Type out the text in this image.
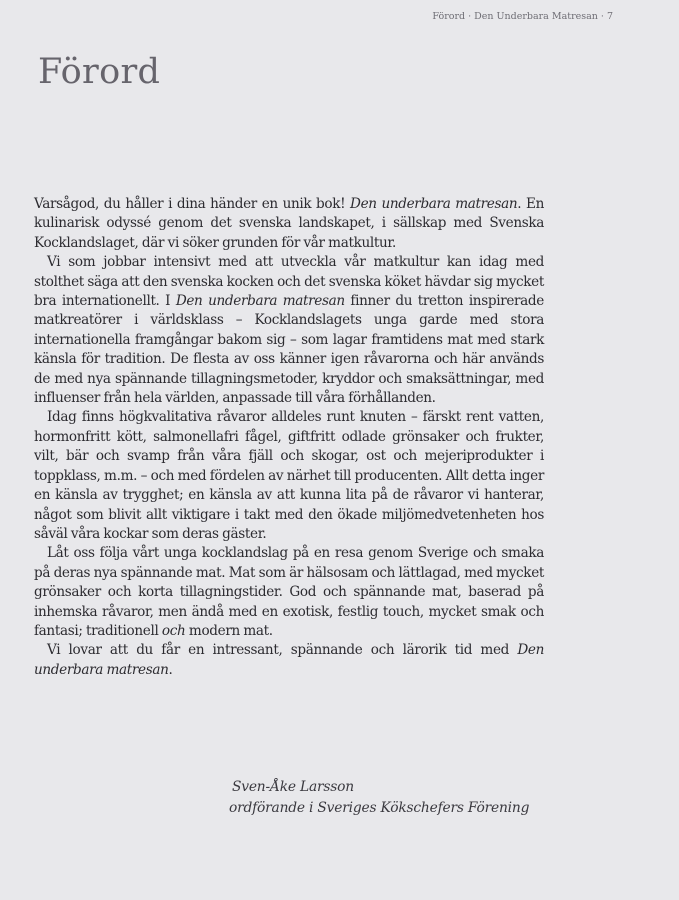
Förord · Den Underbara Matresan · 7
Förord

Varsågod, du håller i dina händer en unik bok! Den underbara matresan. En kulinarisk odyssé genom det svenska landskapet, i sällskap med Svenska Kocklandslaget, där vi söker grunden för vår matkultur.

Vi som jobbar intensivt med att utveckla vår matkultur kan idag med stolthet säga att den svenska kocken och det svenska köket hävdar sig mycket bra internationellt. I Den underbara matresan finner du tretton inspirerade matkreatörer i världsklass – Kocklandslagets unga garde med stora internationella framgångar bakom sig – som lagar framtidens mat med stark känsla för tradition. De flesta av oss känner igen råvarorna och här används de med nya spännande tillagningsmetoder, kryddor och smaksättningar, med influenser från hela världen, anpassade till våra förhållanden.

Idag finns högkvalitativa råvaror alldeles runt knuten – färskt rent vatten, hormonfritt kött, salmonellafri fågel, giftfritt odlade grönsaker och frukter, vilt, bär och svamp från våra fjäll och skogar, ost och mejeriprodukter i toppklass, m.m. – och med fördelen av närhet till producenten. Allt detta inger en känsla av trygghet; en känsla av att kunna lita på de råvaror vi hanterar, något som blivit allt viktigare i takt med den ökade miljömedvetenheten hos såväl våra kockar som deras gäster.

Låt oss följa vårt unga kocklandslag på en resa genom Sverige och smaka på deras nya spännande mat. Mat som är hälsosam och lättlagad, med mycket grönsaker och korta tillagningstider. God och spännande mat, baserad på inhemska råvaror, men ändå med en exotisk, festlig touch, mycket smak och fantasi; traditionell och modern mat.

Vi lovar att du får en intressant, spännande och lärorik tid med Den underbara matresan.

Sven-Åke Larsson
ordförande i Sveriges Kökschefers Förening
